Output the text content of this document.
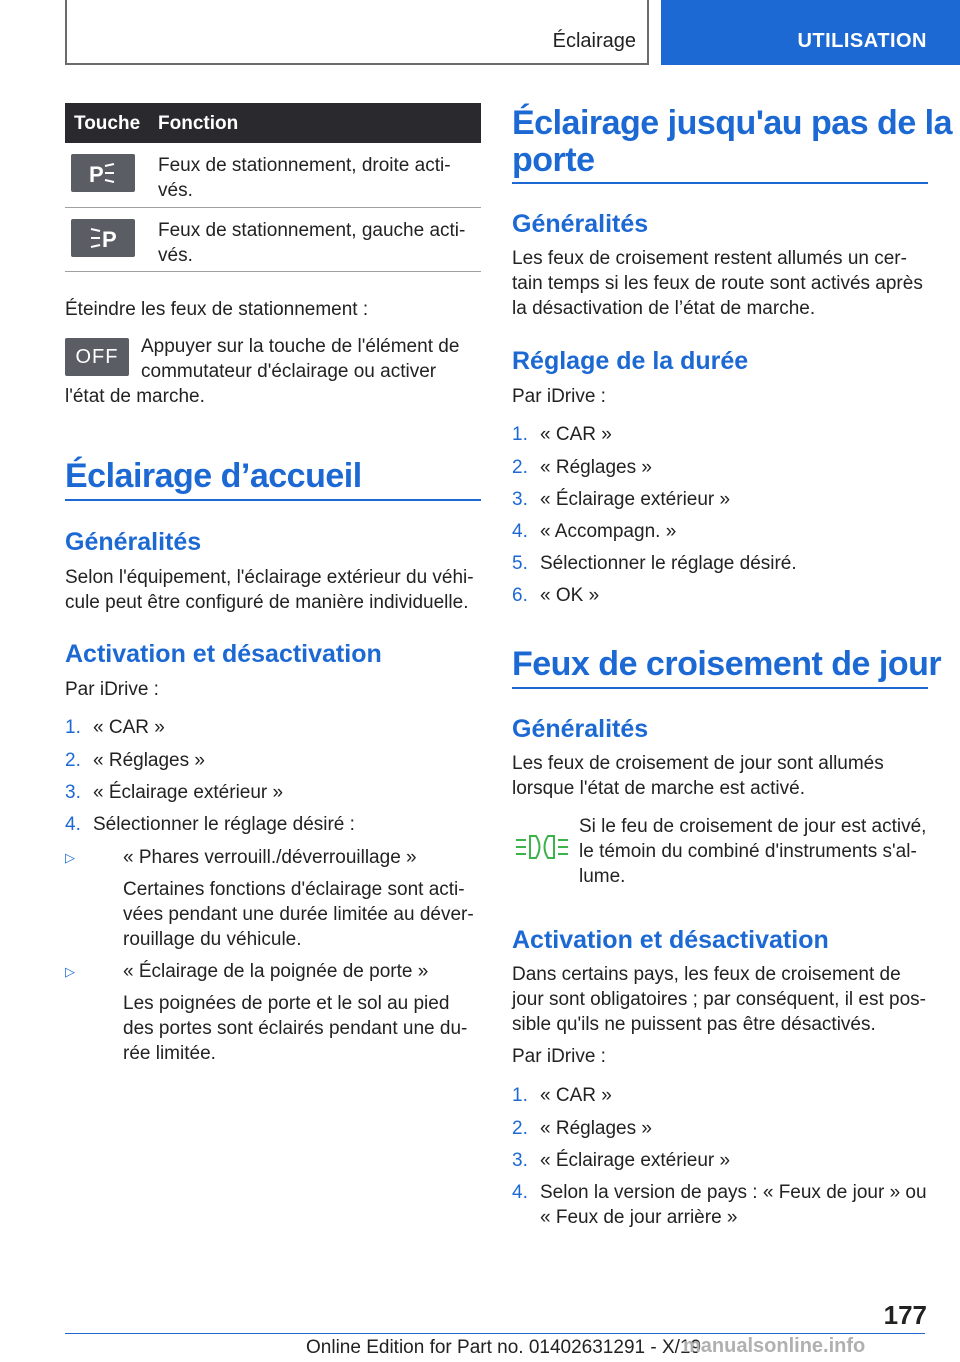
Éclairage	UTILISATION
Touche Fonction
P	Feux de stationnement, droite acti-
vés.
P Feux de stationnement, gauche acti-
vés.
Éteindre les feux de stationnement :
OFF	Appuyer sur la touche de l'élément de
commutateur d'éclairage ou activer
l'état de marche.
Éclairage d’accueil
Généralités
Selon l'équipement, l'éclairage extérieur du véhi-
cule peut être configuré de manière individuelle.
Activation et désactivation
Par iDrive :
1. « CAR »
2. « Réglages »
3. « Éclairage extérieur »
4. Sélectionner le réglage désiré :
▷	« Phares verrouill./déverrouillage »
Certaines fonctions d'éclairage sont acti-
vées pendant une durée limitée au déver-
rouillage du véhicule.
▷	« Éclairage de la poignée de porte »
Les poignées de porte et le sol au pied
des portes sont éclairés pendant une du-
rée limitée.
Éclairage jusqu'au pas de la
porte
Généralités
Les feux de croisement restent allumés un cer-
tain temps si les feux de route sont activés après
la désactivation de l’état de marche.
Réglage de la durée
Par iDrive :
1. « CAR »
2. « Réglages »
3. « Éclairage extérieur »
4. « Accompagn. »
5. Sélectionner le réglage désiré.
6. « OK »
Feux de croisement de jour
Généralités
Les feux de croisement de jour sont allumés
lorsque l'état de marche est activé.
Si le feu de croisement de jour est activé,
le témoin du combiné d'instruments s'al-
lume.
Activation et désactivation
Dans certains pays, les feux de croisement de
jour sont obligatoires ; par conséquent, il est pos-
sible qu'ils ne puissent pas être désactivés.
Par iDrive :
1. « CAR »
2. « Réglages »
3. « Éclairage extérieur »
4. Selon la version de pays : « Feux de jour » ou
« Feux de jour arrière »
177
Online Edition for Part no. 01402631291 - X/19
manualsonline.info
